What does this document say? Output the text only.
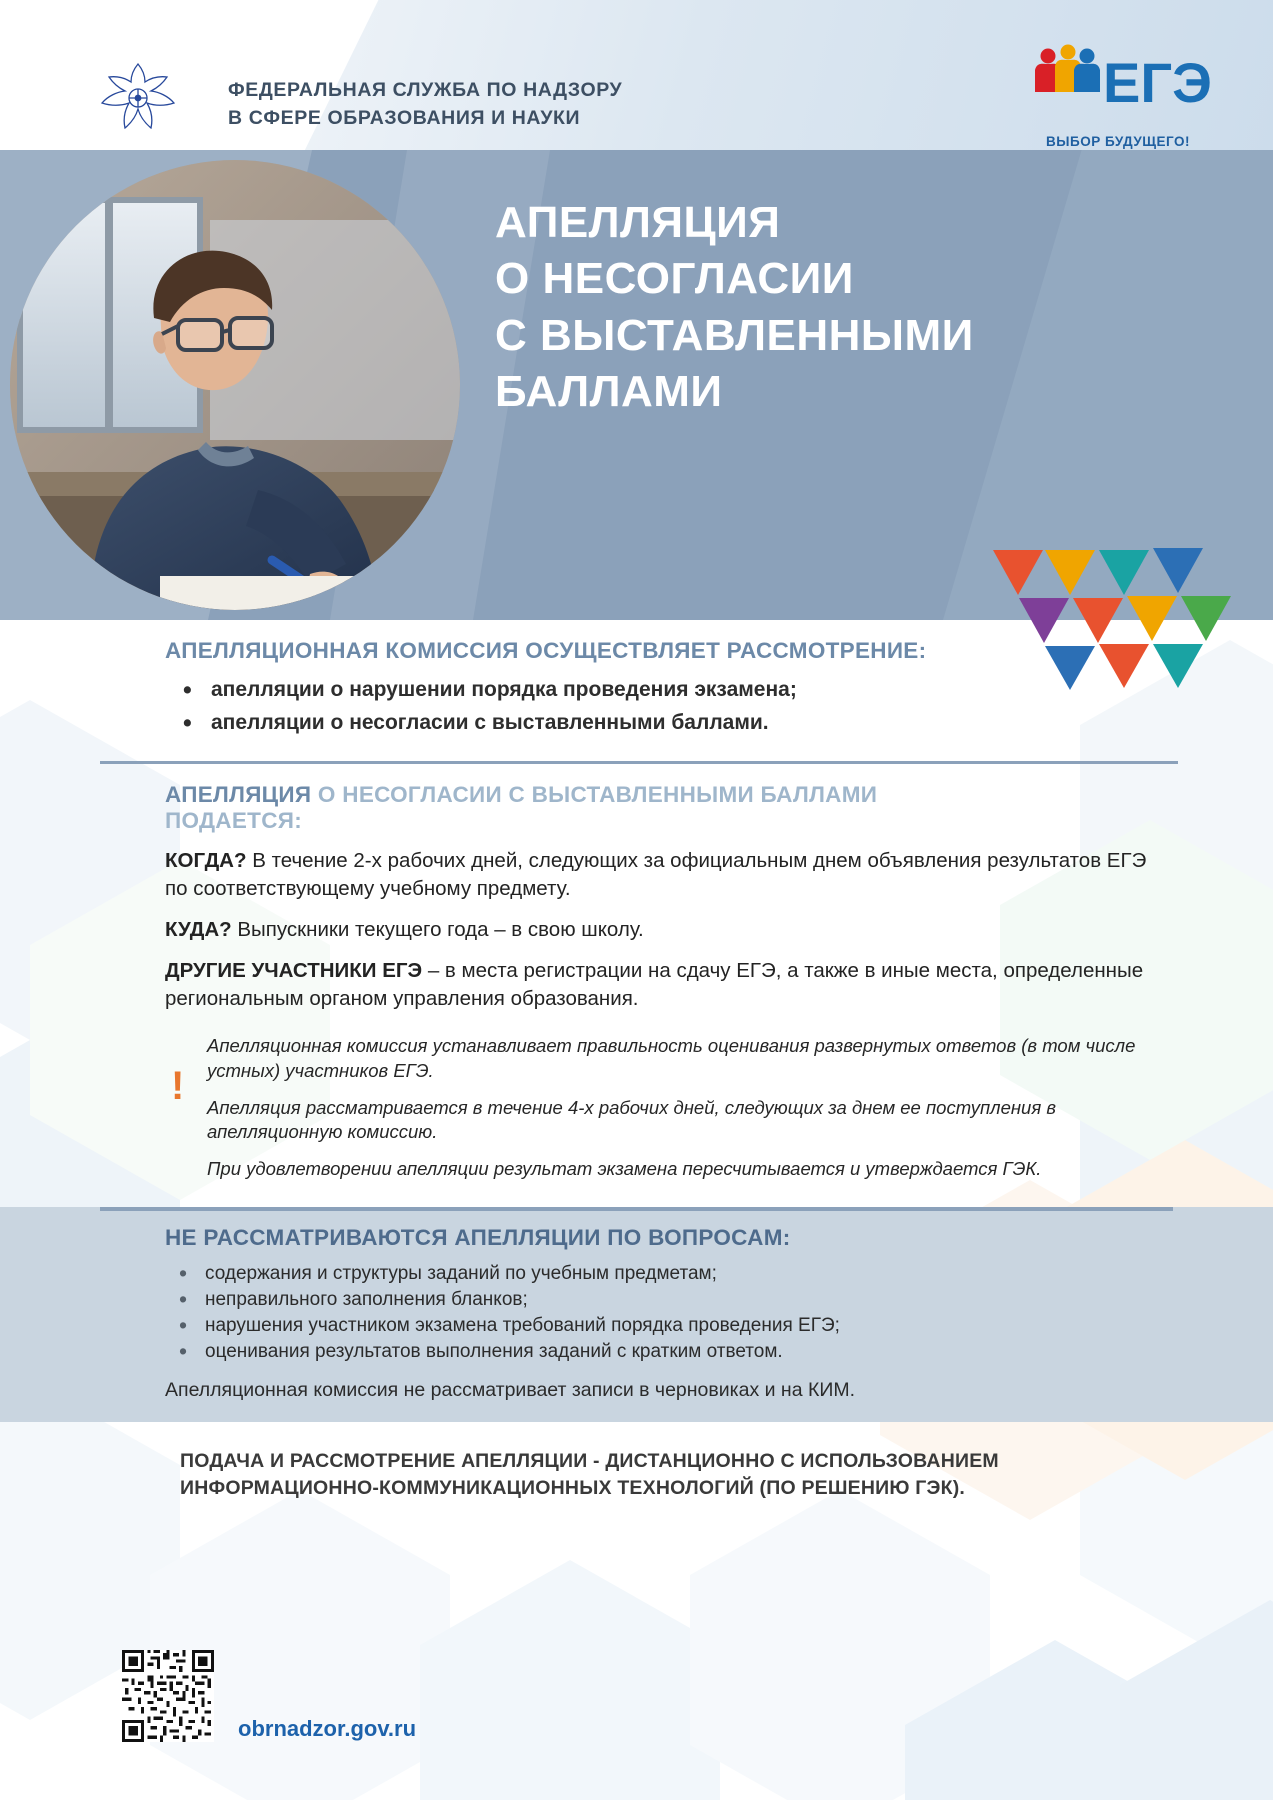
ФЕДЕРАЛЬНАЯ СЛУЖБА ПО НАДЗОРУ
В СФЕРЕ ОБРАЗОВАНИЯ И НАУКИ
ЕГЭ
ВЫБОР БУДУЩЕГО!
АПЕЛЛЯЦИЯ
О НЕСОГЛАСИИ
С ВЫСТАВЛЕННЫМИ
БАЛЛАМИ
АПЕЛЛЯЦИОННАЯ КОМИССИЯ ОСУЩЕСТВЛЯЕТ РАССМОТРЕНИЕ:
• апелляции о нарушении порядка проведения экзамена;
• апелляции о несогласии с выставленными баллами.
АПЕЛЛЯЦИЯ О НЕСОГЛАСИИ С ВЫСТАВЛЕННЫМИ БАЛЛАМИ
ПОДАЕТСЯ:

КОГДА? В течение 2-х рабочих дней, следующих за официальным днем объявления результатов ЕГЭ по соответствующему учебному предмету.

КУДА? Выпускники текущего года – в свою школу.

ДРУГИЕ УЧАСТНИКИ ЕГЭ – в места регистрации на сдачу ЕГЭ, а также в иные места, определенные региональным органом управления образования.

!

Апелляционная комиссия устанавливает правильность оценивания развернутых ответов (в том числе устных) участников ЕГЭ.

Апелляция рассматривается в течение 4-х рабочих дней, следующих за днем ее поступления в апелляционную комиссию.

При удовлетворении апелляции результат экзамена пересчитывается и утверждается ГЭК.

НЕ РАССМАТРИВАЮТСЯ АПЕЛЛЯЦИИ ПО ВОПРОСАМ:
• содержания и структуры заданий по учебным предметам;
• неправильного заполнения бланков;
• нарушения участником экзамена требований порядка проведения ЕГЭ;
• оценивания результатов выполнения заданий с кратким ответом.

Апелляционная комиссия не рассматривает записи в черновиках и на КИМ.

ПОДАЧА И РАССМОТРЕНИЕ АПЕЛЛЯЦИИ - ДИСТАНЦИОННО С ИСПОЛЬЗОВАНИЕМ
ИНФОРМАЦИОННО-КОММУНИКАЦИОННЫХ ТЕХНОЛОГИЙ (ПО РЕШЕНИЮ ГЭК).
obrnadzor.gov.ru
